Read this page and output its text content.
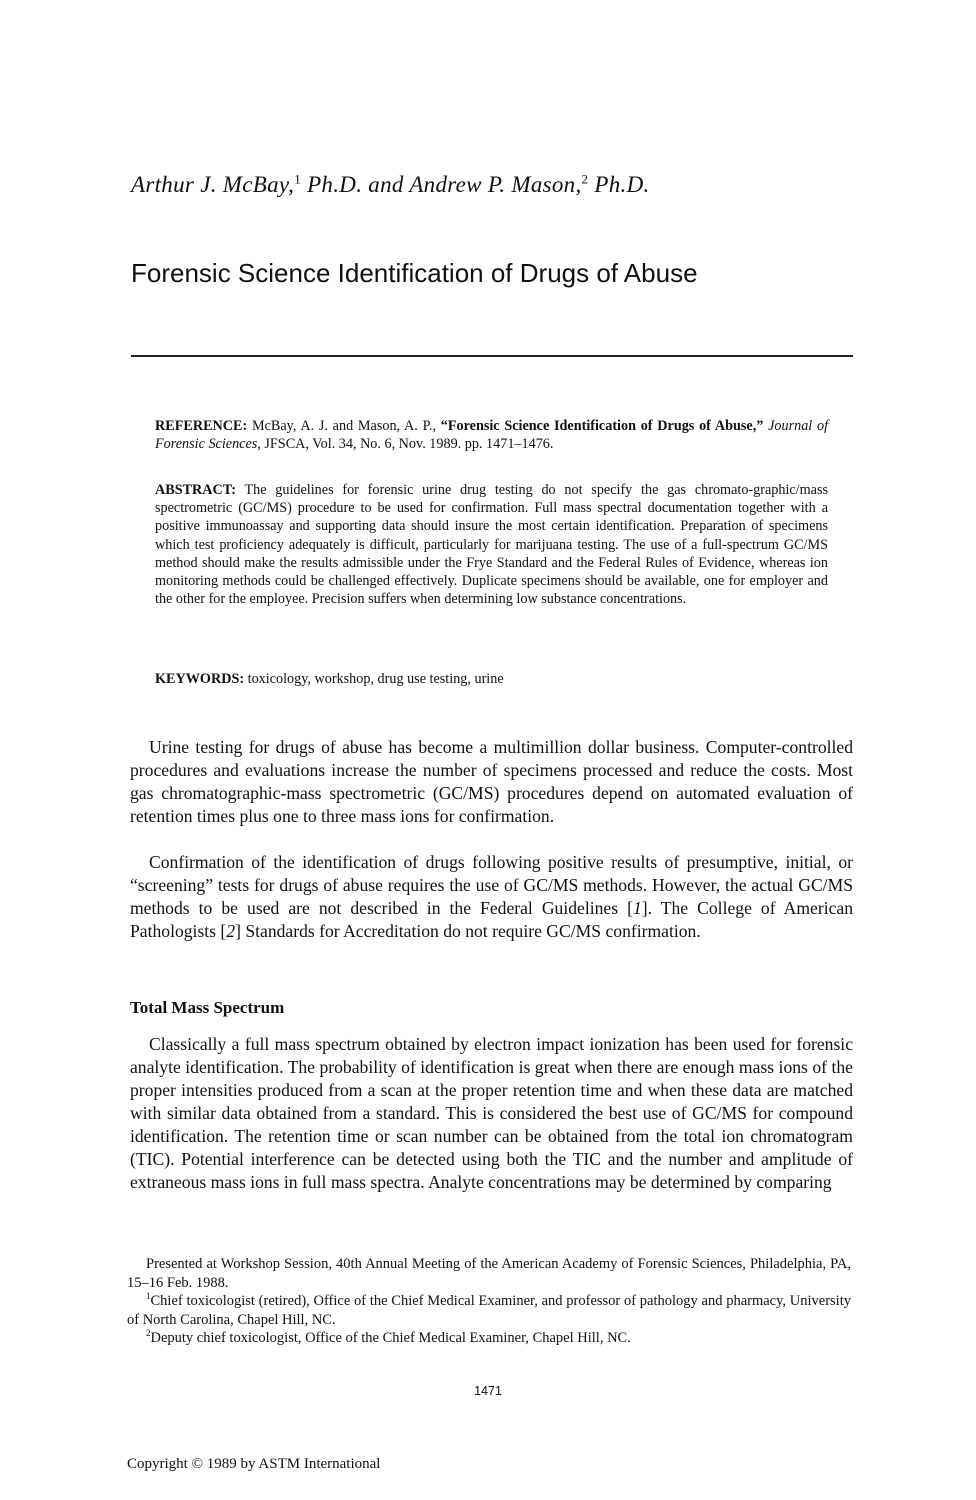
Arthur J. McBay,$^1$ Ph.D. and Andrew P. Mason,$^2$ Ph.D.
Forensic Science Identification of Drugs of Abuse
REFERENCE: McBay, A. J. and Mason, A. P., “Forensic Science Identification of Drugs of Abuse,” Journal of Forensic Sciences, JFSCA, Vol. 34, No. 6, Nov. 1989. pp. 1471–1476.
ABSTRACT: The guidelines for forensic urine drug testing do not specify the gas chromato-graphic/mass spectrometric (GC/MS) procedure to be used for confirmation. Full mass spectral documentation together with a positive immunoassay and supporting data should insure the most certain identification. Preparation of specimens which test proficiency adequately is difficult, particularly for marijuana testing. The use of a full-spectrum GC/MS method should make the results admissible under the Frye Standard and the Federal Rules of Evidence, whereas ion monitoring methods could be challenged effectively. Duplicate specimens should be available, one for employer and the other for the employee. Precision suffers when determining low substance concentrations.
KEYWORDS: toxicology, workshop, drug use testing, urine
Urine testing for drugs of abuse has become a multimillion dollar business. Computer-controlled procedures and evaluations increase the number of specimens processed and reduce the costs. Most gas chromatographic-mass spectrometric (GC/MS) procedures depend on automated evaluation of retention times plus one to three mass ions for confirmation.
Confirmation of the identification of drugs following positive results of presumptive, initial, or “screening” tests for drugs of abuse requires the use of GC/MS methods. However, the actual GC/MS methods to be used are not described in the Federal Guidelines [1]. The College of American Pathologists [2] Standards for Accreditation do not require GC/MS confirmation.
Total Mass Spectrum
Classically a full mass spectrum obtained by electron impact ionization has been used for forensic analyte identification. The probability of identification is great when there are enough mass ions of the proper intensities produced from a scan at the proper retention time and when these data are matched with similar data obtained from a standard. This is considered the best use of GC/MS for compound identification. The retention time or scan number can be obtained from the total ion chromatogram (TIC). Potential interference can be detected using both the TIC and the number and amplitude of extraneous mass ions in full mass spectra. Analyte concentrations may be determined by comparing
Presented at Workshop Session, 40th Annual Meeting of the American Academy of Forensic Sciences, Philadelphia, PA, 15–16 Feb. 1988.
$^1$Chief toxicologist (retired), Office of the Chief Medical Examiner, and professor of pathology and pharmacy, University of North Carolina, Chapel Hill, NC.
$^2$Deputy chief toxicologist, Office of the Chief Medical Examiner, Chapel Hill, NC.
1471
Copyright © 1989 by ASTM International
